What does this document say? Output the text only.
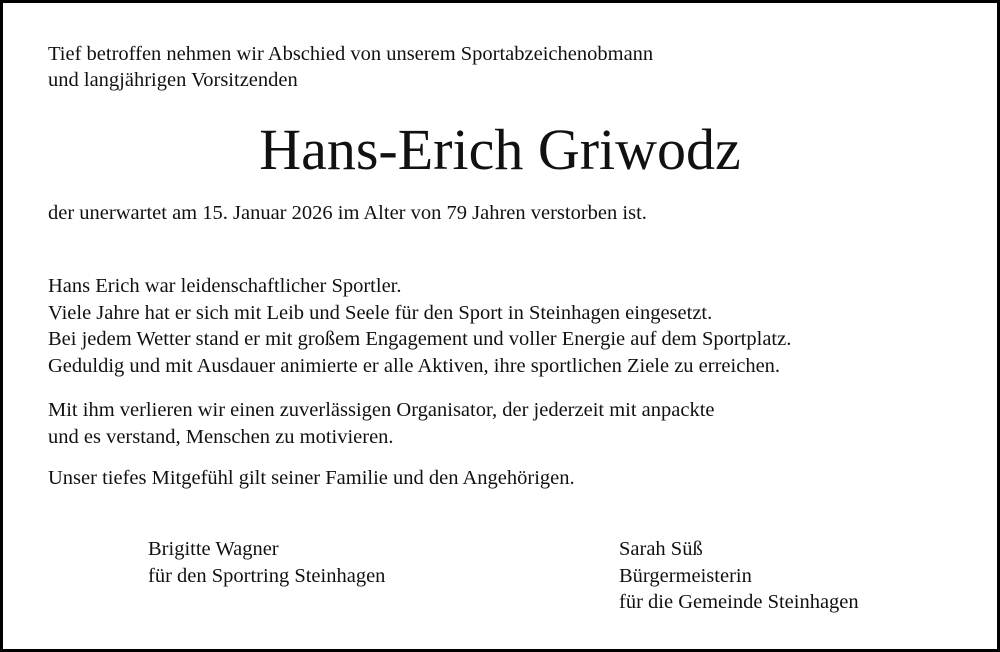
Tief betroffen nehmen wir Abschied von unserem Sportabzeichenobmann
und langjährigen Vorsitzenden
Hans-Erich Griwodz
der unerwartet am 15. Januar 2026 im Alter von 79 Jahren verstorben ist.
Hans Erich war leidenschaftlicher Sportler.
Viele Jahre hat er sich mit Leib und Seele für den Sport in Steinhagen eingesetzt.
Bei jedem Wetter stand er mit großem Engagement und voller Energie auf dem Sportplatz.
Geduldig und mit Ausdauer animierte er alle Aktiven, ihre sportlichen Ziele zu erreichen.
Mit ihm verlieren wir einen zuverlässigen Organisator, der jederzeit mit anpackte
und es verstand, Menschen zu motivieren.
Unser tiefes Mitgefühl gilt seiner Familie und den Angehörigen.
Brigitte Wagner
für den Sportring Steinhagen
Sarah Süß
Bürgermeisterin
für die Gemeinde Steinhagen
